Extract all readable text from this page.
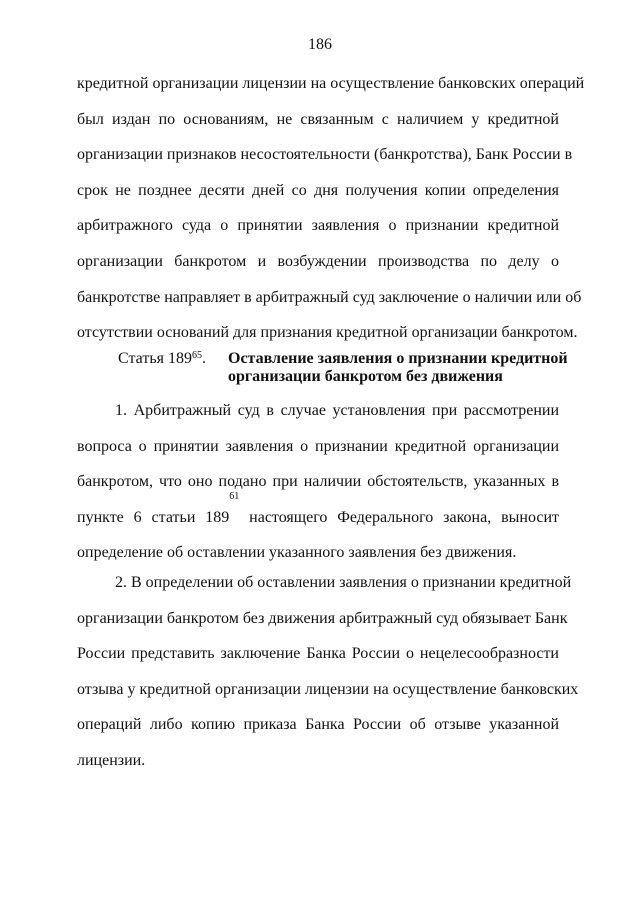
186
кредитной организации лицензии на осуществление банковских операций
был издан по основаниям, не связанным с наличием у кредитной
организации признаков несостоятельности (банкротства), Банк России в
срок не позднее десяти дней со дня получения копии определения
арбитражного суда о принятии заявления о признании кредитной
организации банкротом и возбуждении производства по делу о
банкротстве направляет в арбитражный суд заключение о наличии или об
отсутствии оснований для признания кредитной организации банкротом.
Статья $189^{65}$. Оставление заявления о признании кредитной
организации банкротом без движения
1. Арбитражный суд в случае установления при рассмотрении
вопроса о принятии заявления о признании кредитной организации
банкротом, что оно подано при наличии обстоятельств, указанных в
пункте 6 статьи 189$^{61}$ настоящего Федерального закона, выносит
определение об оставлении указанного заявления без движения.
2. В определении об оставлении заявления о признании кредитной
организации банкротом без движения арбитражный суд обязывает Банк
России представить заключение Банка России о нецелесообразности
отзыва у кредитной организации лицензии на осуществление банковских
операций либо копию приказа Банка России об отзыве указанной
лицензии.
